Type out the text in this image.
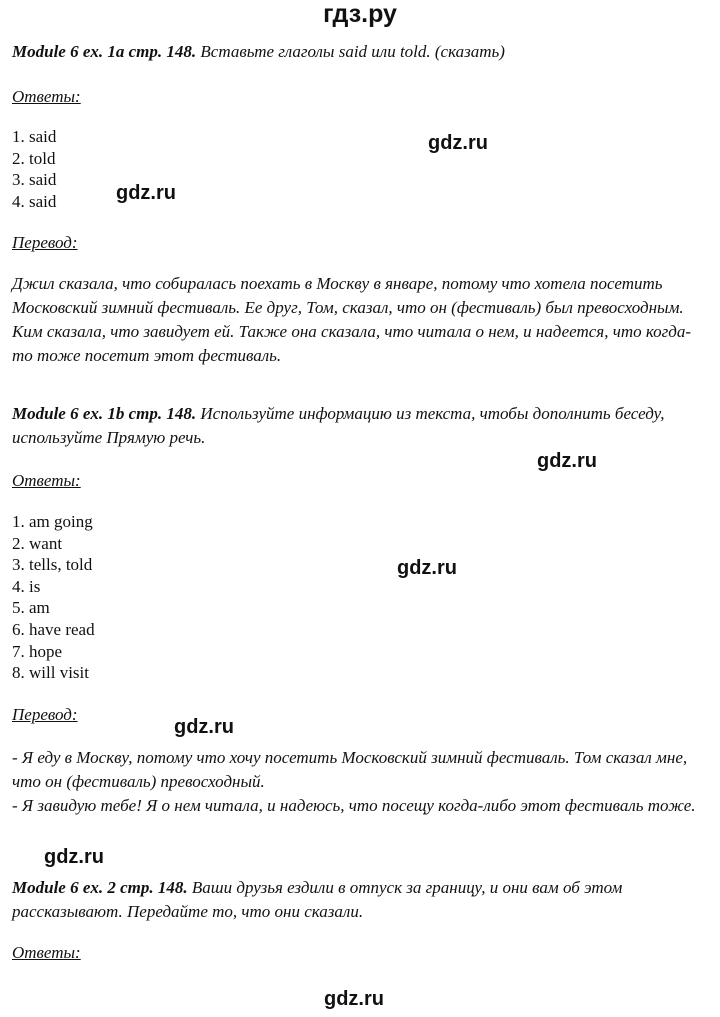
гдз.ру
Module 6 ex. 1a стр. 148. Вставьте глаголы said или told. (сказать)
Ответы:
1. said
2. told
3. said
4. said
Перевод:
Джил сказала, что собиралась поехать в Москву в январе, потому что хотела посетить Московский зимний фестиваль. Ее друг, Том, сказал, что он (фестиваль) был превосходным. Ким сказала, что завидует ей. Также она сказала, что читала о нем, и надеется, что когда-то тоже посетит этот фестиваль.
Module 6 ex. 1b стр. 148. Используйте информацию из текста, чтобы дополнить беседу, используйте Прямую речь.
Ответы:
1. am going
2. want
3. tells, told
4. is
5. am
6. have read
7. hope
8. will visit
Перевод:
- Я еду в Москву, потому что хочу посетить Московский зимний фестиваль. Том сказал мне, что он (фестиваль) превосходный.
- Я завидую тебе! Я о нем читала, и надеюсь, что посещу когда-либо этот фестиваль тоже.
Module 6 ex. 2 стр. 148. Ваши друзья ездили в отпуск за границу, и они вам об этом рассказывают. Передайте то, что они сказали.
Ответы:
gdz.ru
gdz.ru
gdz.ru
gdz.ru
gdz.ru
gdz.ru
gdz.ru
